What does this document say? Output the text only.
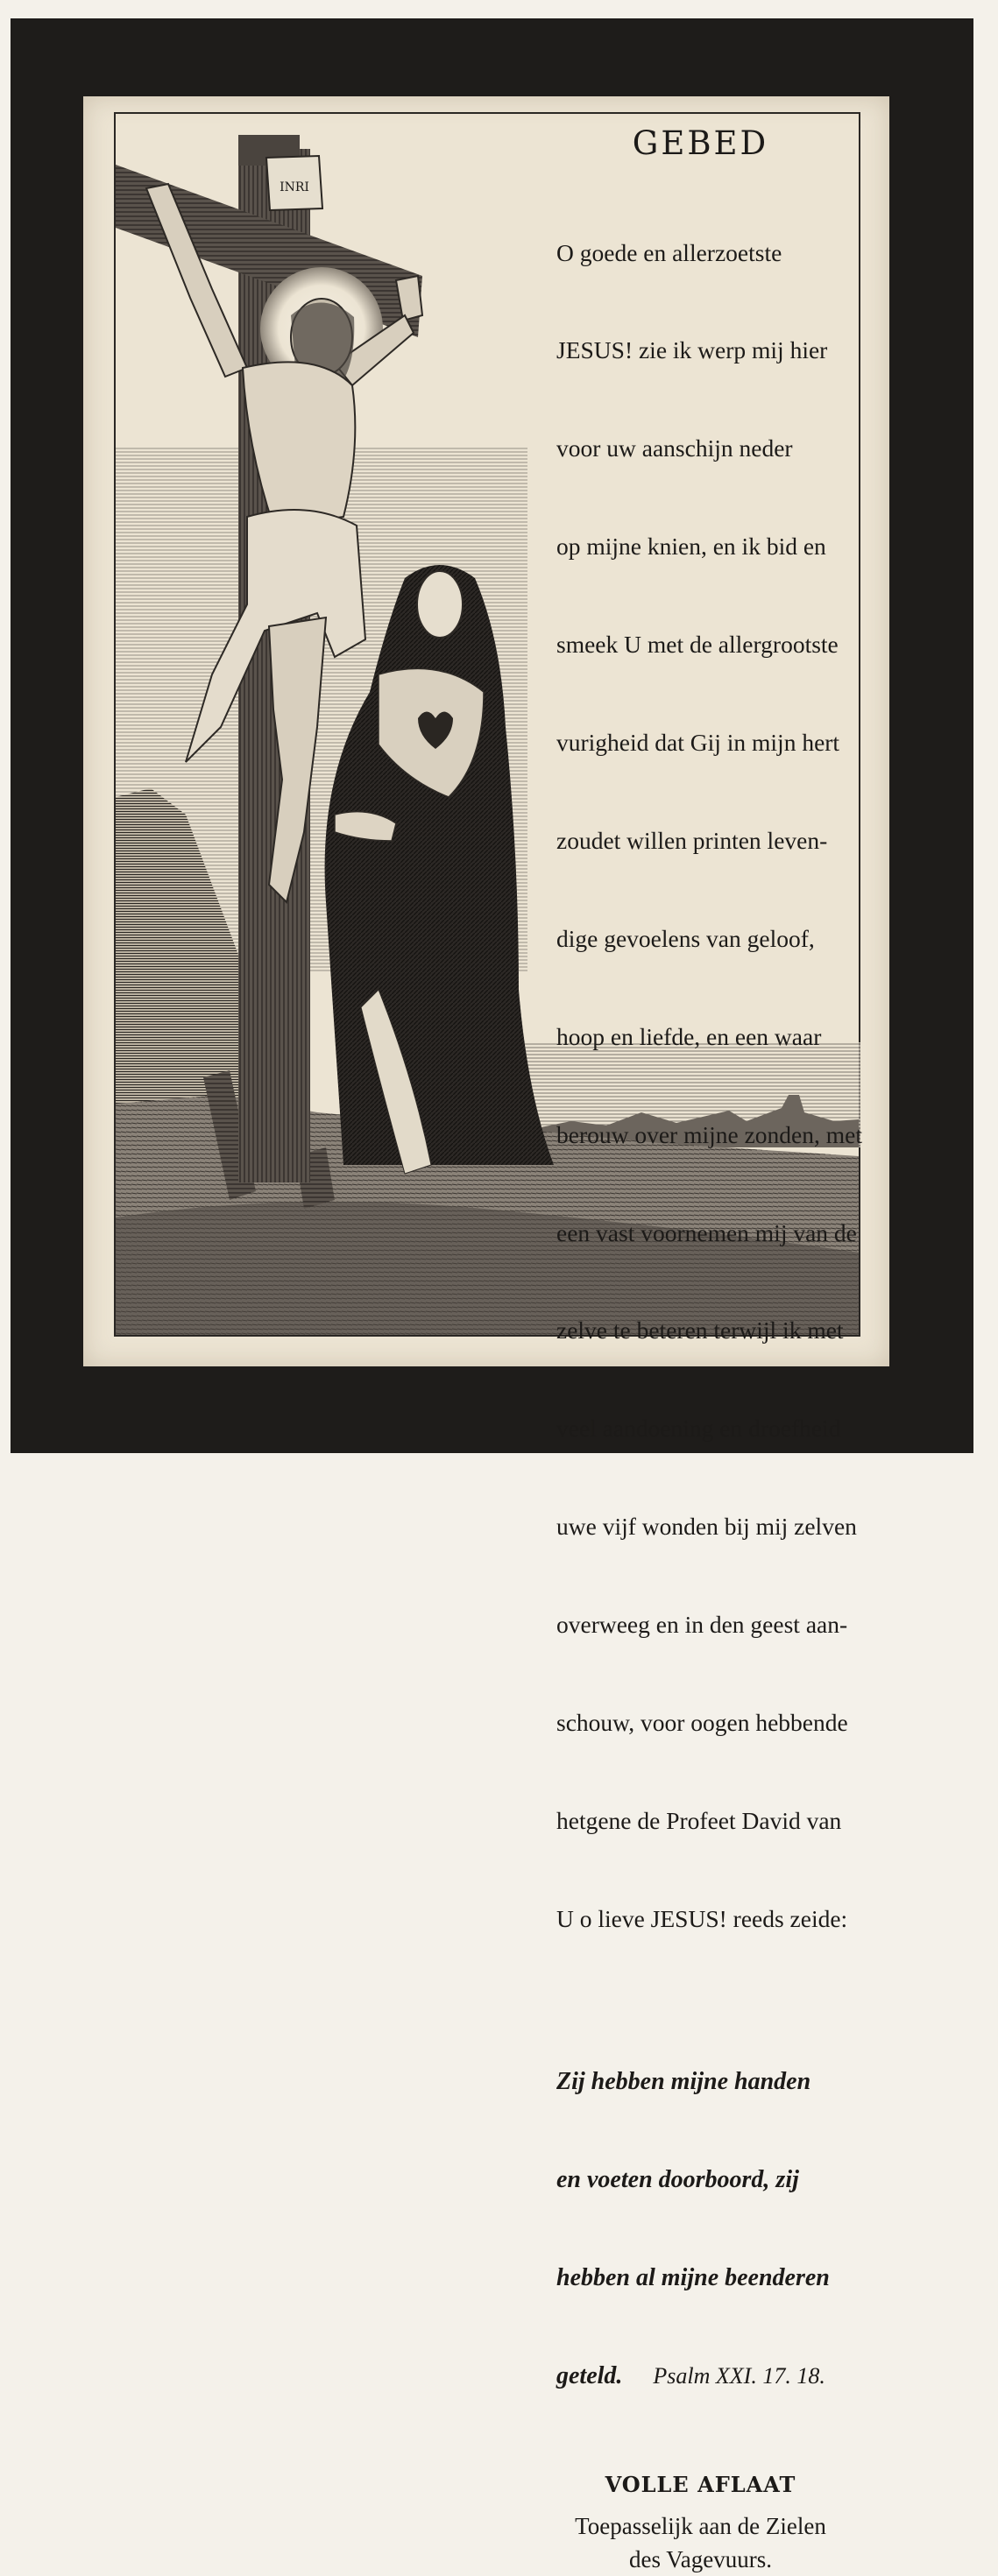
INRI
GEBED

O goede en allerzoetste

JESUS! zie ik werp mij hier

voor uw aanschijn neder

op mijne knien, en ik bid en

smeek U met de allergrootste

vurigheid dat Gij in mijn hert

zoudet willen printen leven-

dige gevoelens van geloof,

hoop en liefde, en een waar

berouw over mijne zonden, met

een vast voornemen mij van de

zelve te beteren terwijl ik met

veel aandoening en droefheid

uwe vijf wonden bij mij zelven

overweeg en in den geest aan-

schouw, voor oogen hebbende

hetgene de Profeet David van

U o lieve JESUS! reeds zeide:

Zij hebben mijne handen

en voeten doorboord, zij

hebben al mijne beenderen

geteld. Psalm XXI. 17. 18.

VOLLE AFLAAT
Toepasselijk aan de Zielen
des Vagevuurs.
